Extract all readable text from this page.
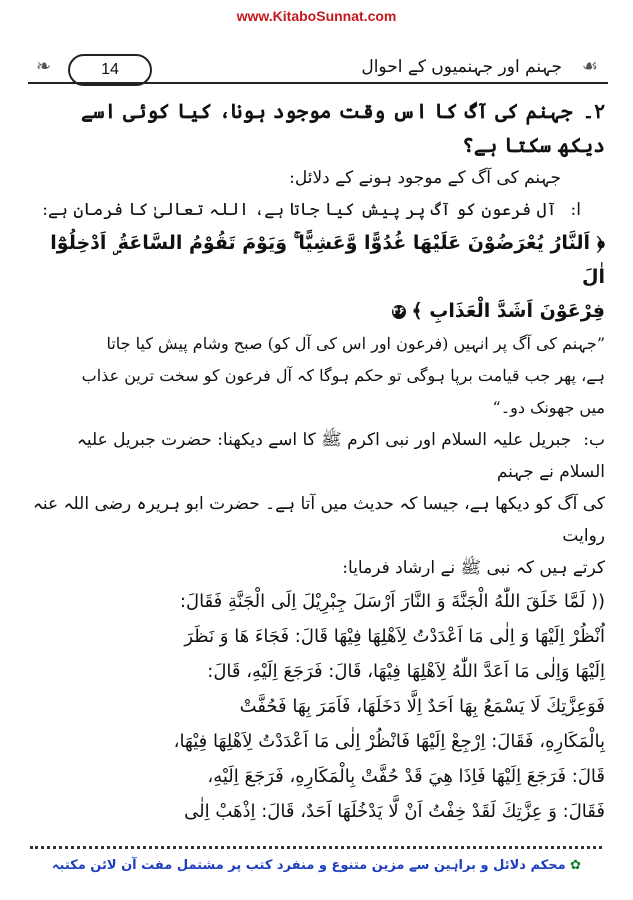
www.KitaboSunnat.com
❧	14	جہنم اور جہنمیوں کے احوال ☙

۲۔جہنم کی آگ کا اس وقت موجود ہونا، کیا کوئی اسے دیکھ سکتا ہے؟

جہنم کی آگ کے موجود ہونے کے دلائل:

ا:آل فرعون کو آگ پر پیش کیا جاتا ہے، اللہ تعالیٰ کا فرمان ہے:

﴿ اَلنَّارُ يُعْرَضُوْنَ عَلَيْهَا غُدُوًّا وَّعَشِيًّا ۚ وَيَوْمَ تَقُوْمُ السَّاعَةُ ۣ اَدْخِلُوْٓا اٰلَ

فِرْعَوْنَ اَشَدَّ الْعَذَابِ ﴾۴۶

”جہنم کی آگ پر انہیں (فرعون اور اس کی آل کو) صبح وشام پیش کیا جاتا

ہے، پھر جب قیامت برپا ہوگی تو حکم ہوگا کہ آل فرعون کو سخت ترین عذاب

میں جھونک دو۔“

ب:جبریل علیہ السلام اور نبی اکرم ﷺ کا اسے دیکھنا: حضرت جبریل علیہ السلام نے جہنم

کی آگ کو دیکھا ہے، جیسا کہ حدیث میں آتا ہے۔ حضرت ابو ہریرہ رضی اللہ عنہ روایت

کرتے ہیں کہ نبی ﷺ نے ارشاد فرمایا:

(( لَمَّا خَلَقَ اللّٰهُ الْجَنَّةَ وَ النَّارَ اَرْسَلَ جِبْرِيْلَ اِلَى الْجَنَّةِ فَقَالَ:

اُنْظُرْ اِلَيْهَا وَ اِلٰى مَا اَعْدَدْتُ لِاَهْلِهَا فِيْهَا قَالَ: فَجَاءَ هَا وَ نَظَرَ

اِلَيْهَا وَاِلٰى مَا اَعَدَّ اللّٰهُ لِاَهْلِهَا فِيْهَا، قَالَ: فَرَجَعَ اِلَيْهِ، قَالَ:

فَوَعِزَّتِكَ لَا يَسْمَعُ بِهَا اَحَدٌ اِلَّا دَخَلَهَا، فَاَمَرَ بِهَا فَحُفَّتْ

بِالْمَكَارِهِ، فَقَالَ: اِرْجِعْ اِلَيْهَا فَانْظُرْ اِلٰى مَا اَعْدَدْتُ لِاَهْلِهَا فِيْهَا،

قَالَ: فَرَجَعَ اِلَيْهَا فَاِذَا هِيَ قَدْ حُفَّتْ بِالْمَكَارِهِ، فَرَجَعَ اِلَيْهِ،

فَقَالَ: وَ عِزَّتِكَ لَقَدْ خِفْتُ اَنْ لَّا يَدْخُلَهَا اَحَدٌ، قَالَ: اِذْهَبْ اِلٰى

✿ محکم دلائل و براہین سے مزین متنوع و منفرد کتب پر مشتمل مفت آن لائن مکتبہ
